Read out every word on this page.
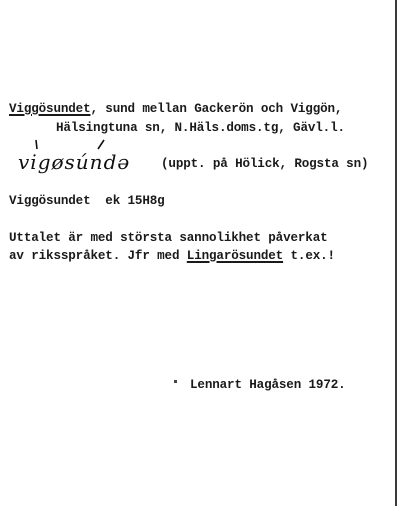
Viggösundet, sund mellan Gackerön och Viggön,
Hälsingtuna sn, N.Häls.doms.tg, Gävl.l.
vigøsúndə (uppt. på Hölick, Rogsta sn)
Viggösundet  ek 15H8g
Uttalet är med största sannolikhet påverkat
av riksspråket. Jfr med Lingarösundet t.ex.!
Lennart Hagåsen 1972.
